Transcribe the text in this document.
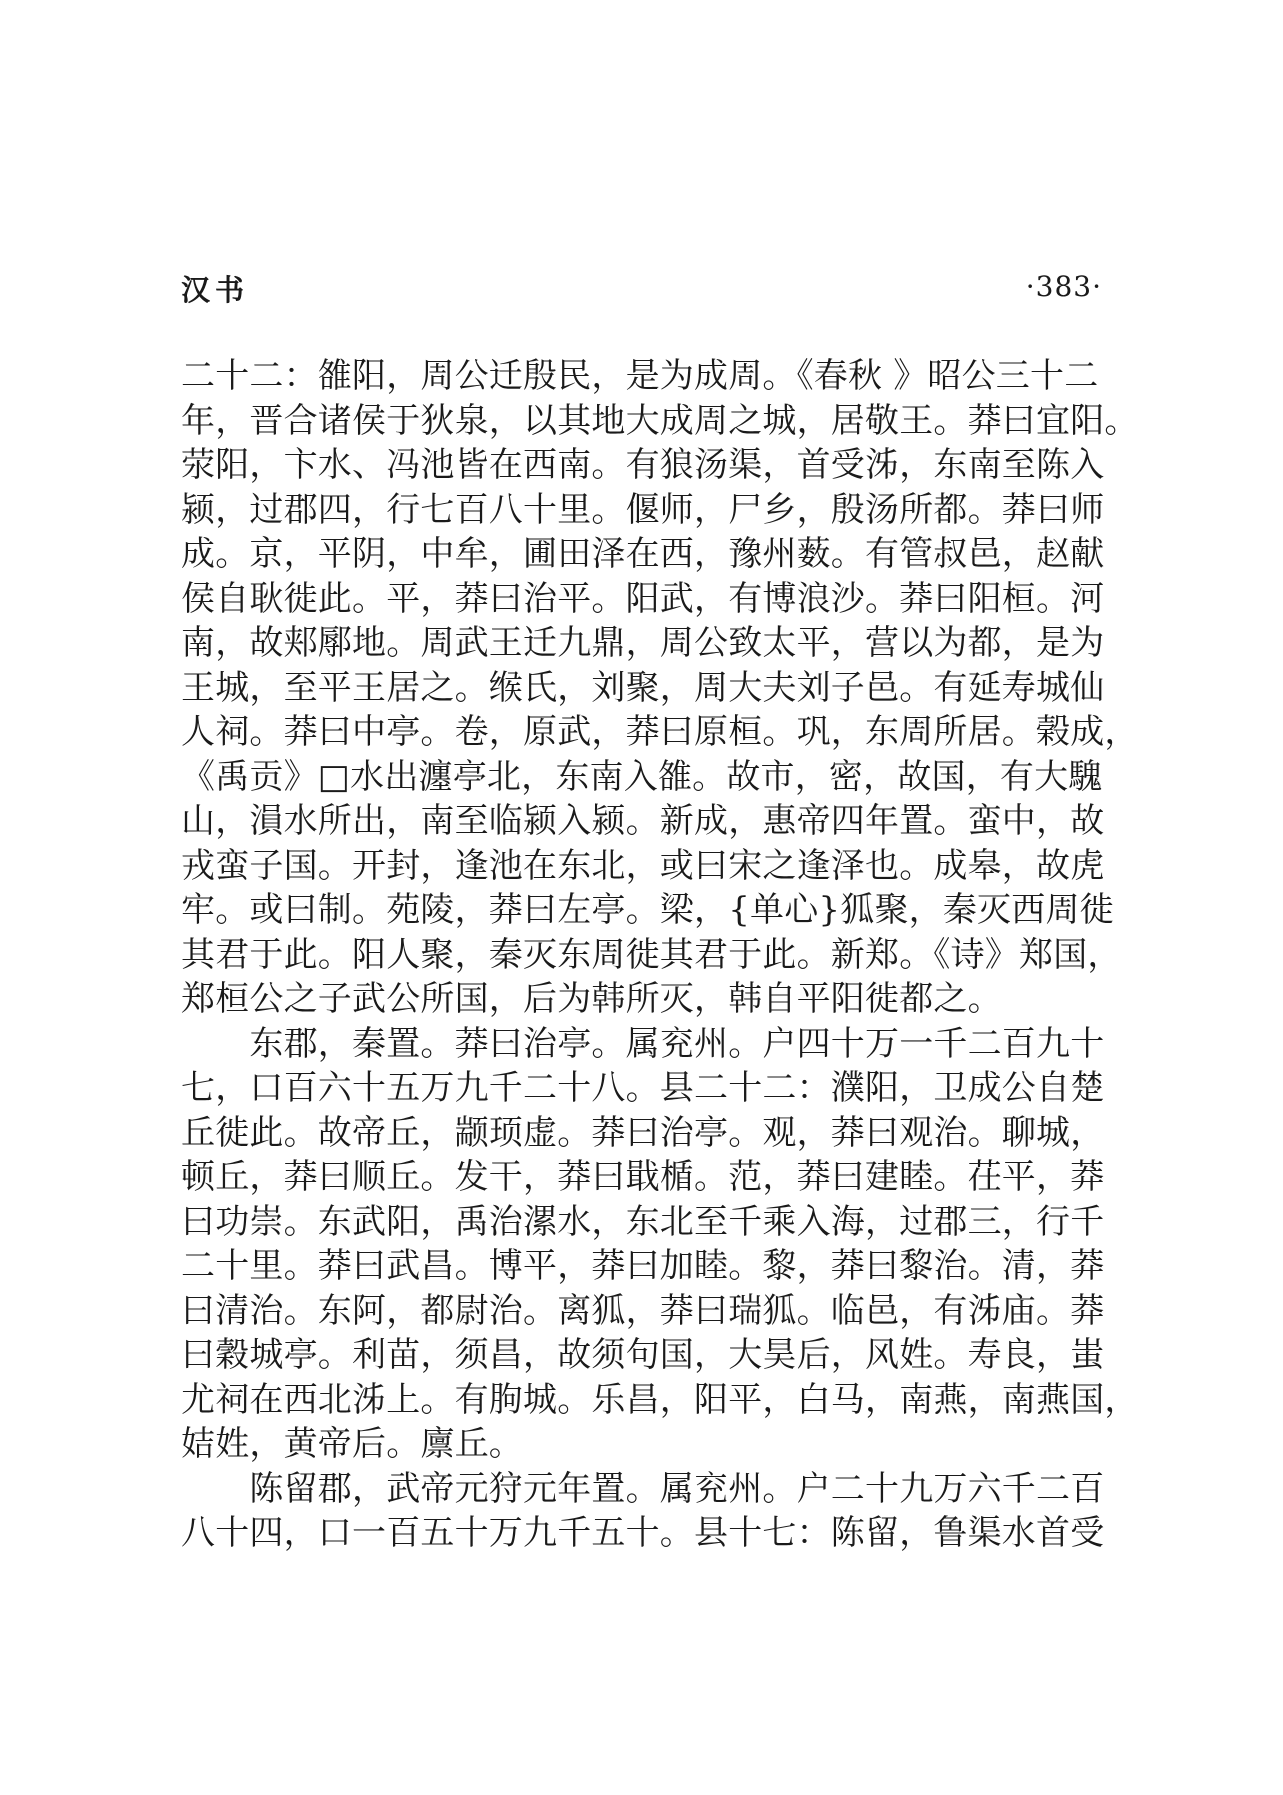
汉书	·383·
二十二：雒阳，周公迁殷民，是为成周。《春秋 》昭公三十二
年，晋合诸侯于狄泉，以其地大成周之城，居敬王。莽曰宜阳。
荥阳，卞水、冯池皆在西南。有狼汤渠，首受泲，东南至陈入
颍，过郡四，行七百八十里。偃师，尸乡，殷汤所都。莽曰师
成。京，平阴，中牟，圃田泽在西，豫州薮。有管叔邑，赵献
侯自耿徙此。平，莽曰治平。阳武，有博浪沙。莽曰阳桓。河
南，故郏鄏地。周武王迁九鼎，周公致太平，营以为都，是为
王城，至平王居之。缑氏，刘聚，周大夫刘子邑。有延寿城仙
人祠。莽曰中亭。卷，原武，莽曰原桓。巩，东周所居。榖成，
《禹贡》□水出瀍亭北，东南入雒。故市，密，故国，有大騩
山，溳水所出，南至临颍入颍。新成，惠帝四年置。蛮中，故
戎蛮子国。开封，逢池在东北，或曰宋之逢泽也。成皋，故虎
牢。或曰制。苑陵，莽曰左亭。梁，{单心}狐聚，秦灭西周徙
其君于此。阳人聚，秦灭东周徙其君于此。新郑。《诗》郑国，
郑桓公之子武公所国，后为韩所灭，韩自平阳徙都之。
　　东郡，秦置。莽曰治亭。属兖州。户四十万一千二百九十
七，口百六十五万九千二十八。县二十二：濮阳，卫成公自楚
丘徙此。故帝丘，颛顼虚。莽曰治亭。观，莽曰观治。聊城，
顿丘，莽曰顺丘。发干，莽曰戢楯。范，莽曰建睦。茌平，莽
曰功崇。东武阳，禹治漯水，东北至千乘入海，过郡三，行千
二十里。莽曰武昌。博平，莽曰加睦。黎，莽曰黎治。清，莽
曰清治。东阿，都尉治。离狐，莽曰瑞狐。临邑，有泲庙。莽
曰穀城亭。利苗，须昌，故须句国，大昊后，风姓。寿良，蚩
尤祠在西北泲上。有朐城。乐昌，阳平，白马，南燕，南燕国，
姞姓，黄帝后。廪丘。
　　陈留郡，武帝元狩元年置。属兖州。户二十九万六千二百
八十四，口一百五十万九千五十。县十七：陈留，鲁渠水首受
